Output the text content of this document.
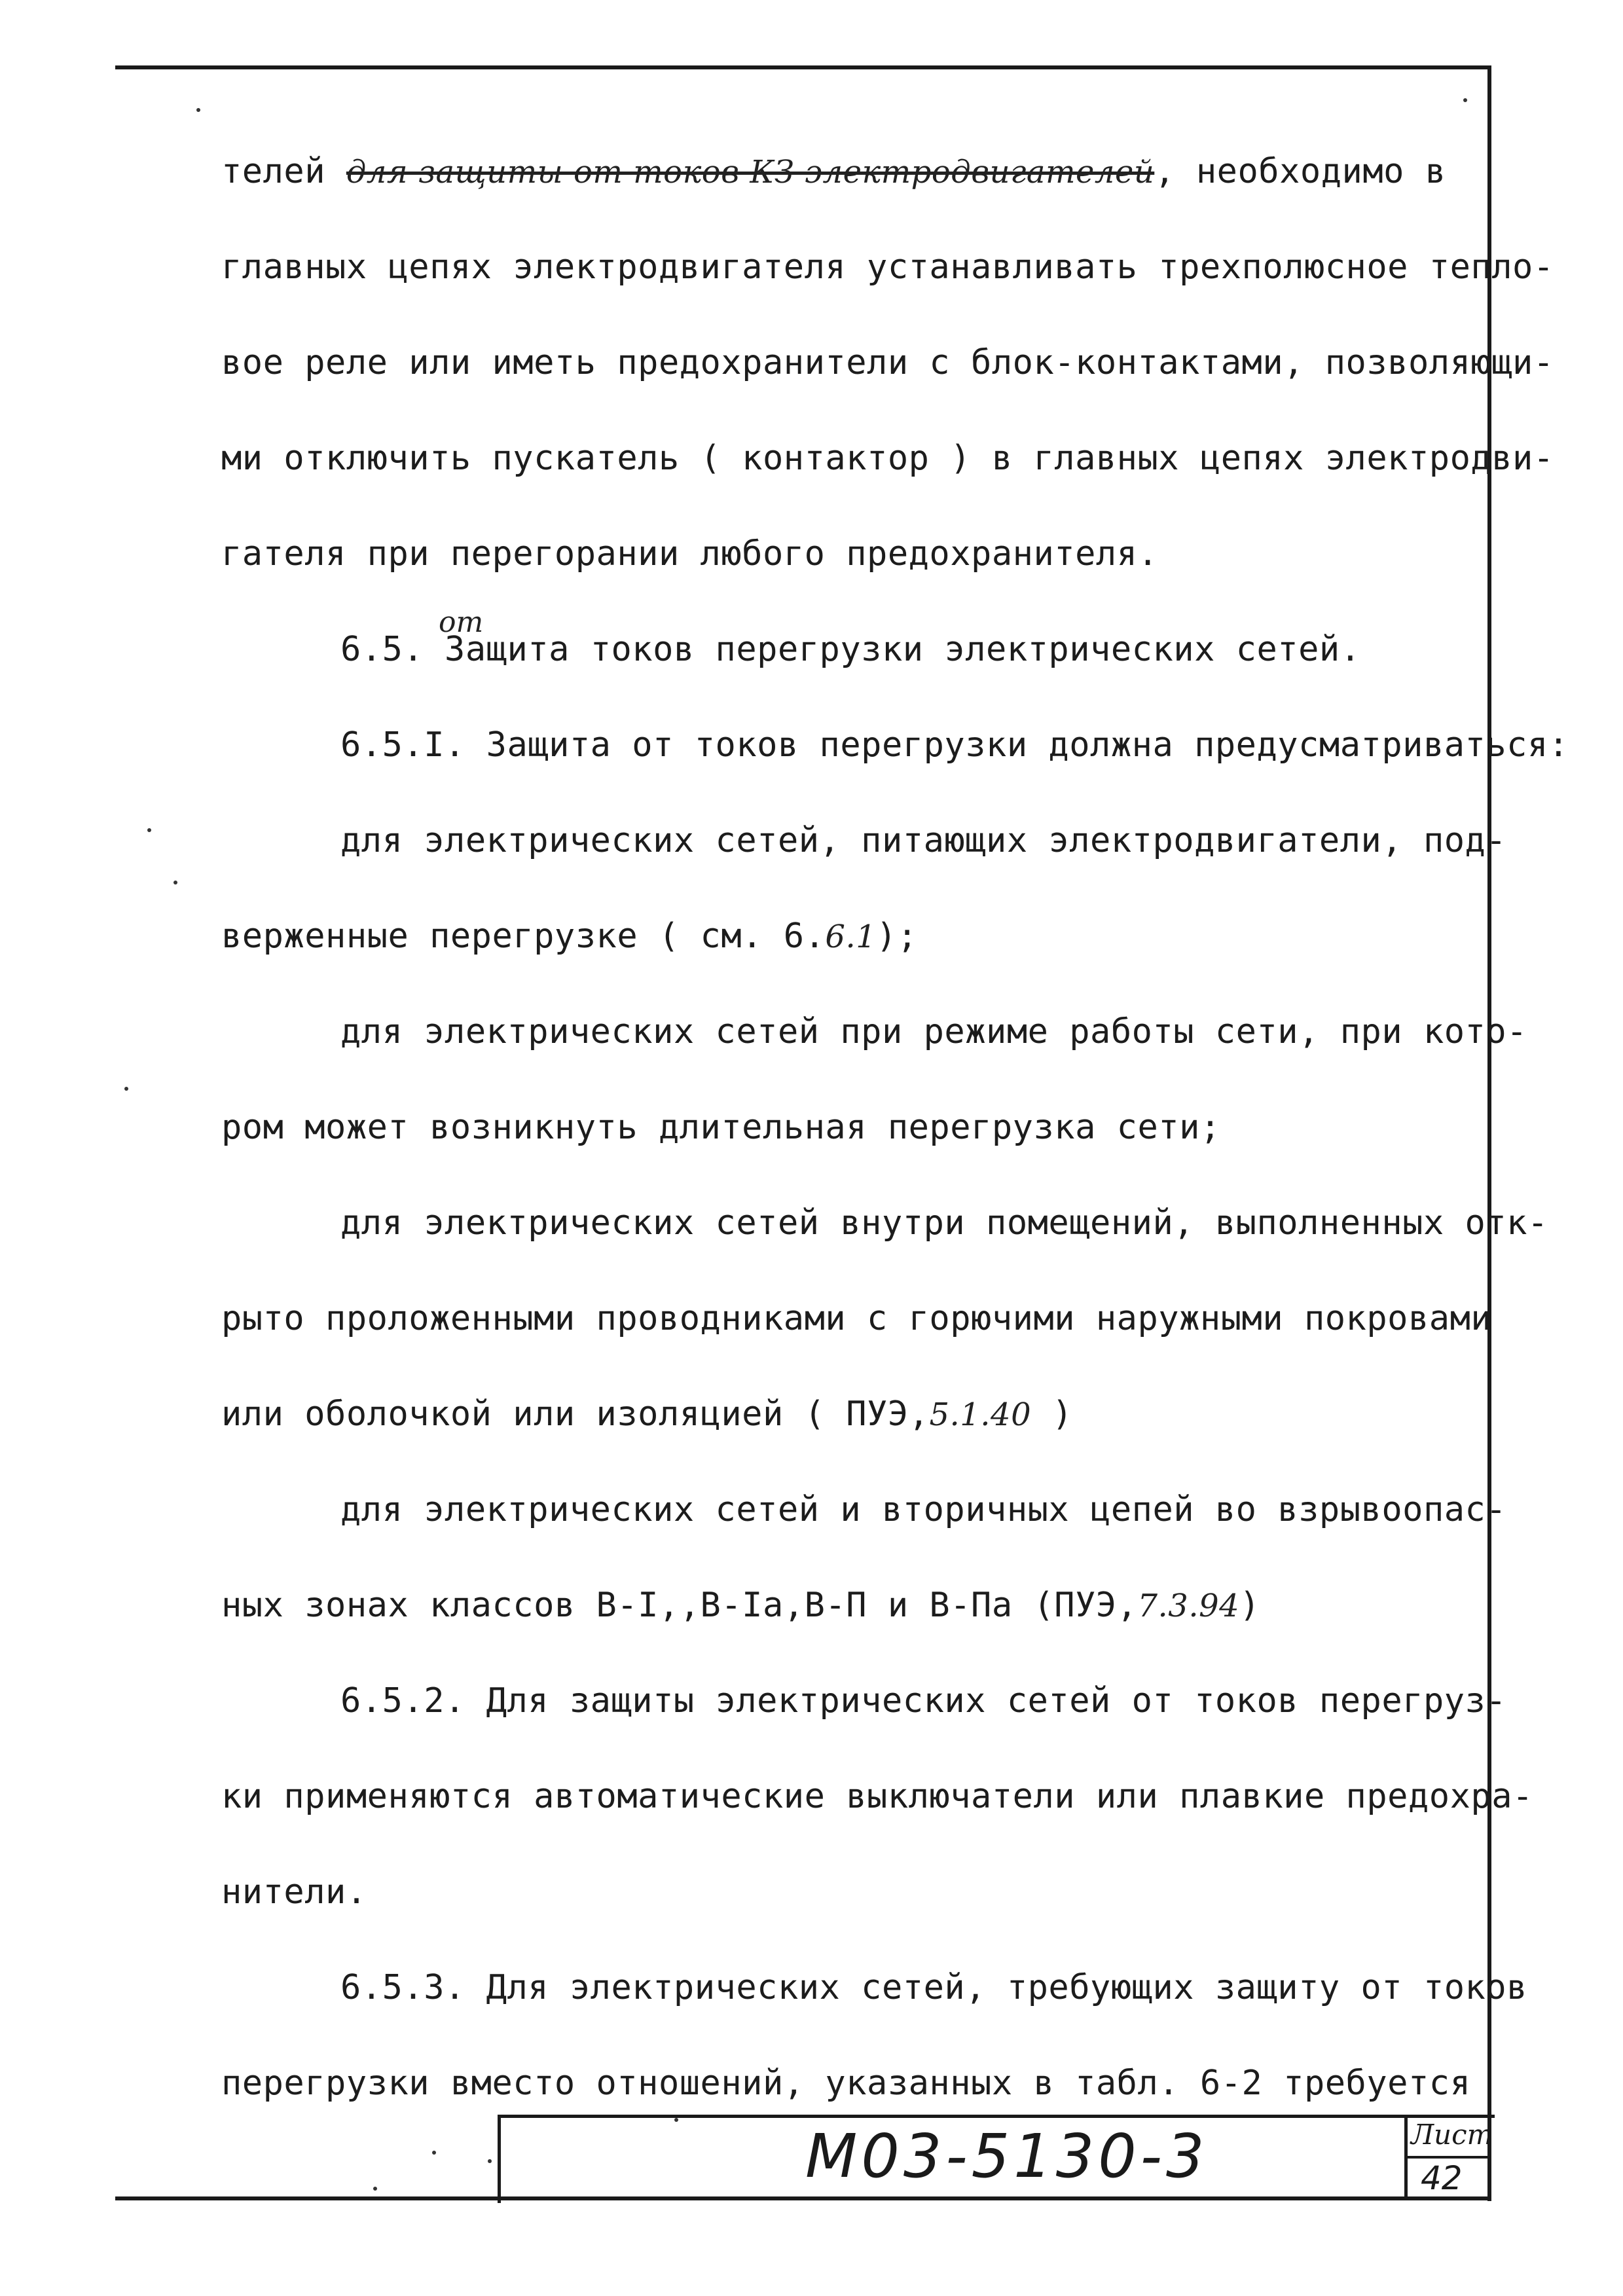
телей для защиты от токов КЗ электродвигателей, необходимо в
главных цепях электродвигателя устанавливать трехполюсное тепло-
вое реле или иметь предохранители с блок-контактами, позволяющи-
ми отключить пускатель ( контактор ) в главных цепях электродви-
гателя при перегорании любого предохранителя.
от
6.5. Защита токов перегрузки электрических сетей.
6.5.I. Защита от токов перегрузки должна предусматриваться:
для электрических сетей, питающих электродвигатели, под-
верженные перегрузке ( см. 6.6.1);
для электрических сетей при режиме работы сети, при кото-
ром может возникнуть длительная перегрузка сети;
для электрических сетей внутри помещений, выполненных отк-
рыто проложенными проводниками с горючими наружными покровами
или оболочкой или изоляцией ( ПУЭ,5.1.40 )
для электрических сетей и вторичных цепей во взрывоопас-
ных зонах классов В-I,,В-Iа,В-П и В-Па (ПУЭ,7.3.94)
6.5.2. Для защиты электрических сетей от токов перегруз-
ки применяются автоматические выключатели или плавкие предохра-
нители.
6.5.3. Для электрических сетей, требующих защиту от токов
перегрузки вместо отношений, указанных в табл. 6-2 требуется
М03-5130-3	Лист
42
